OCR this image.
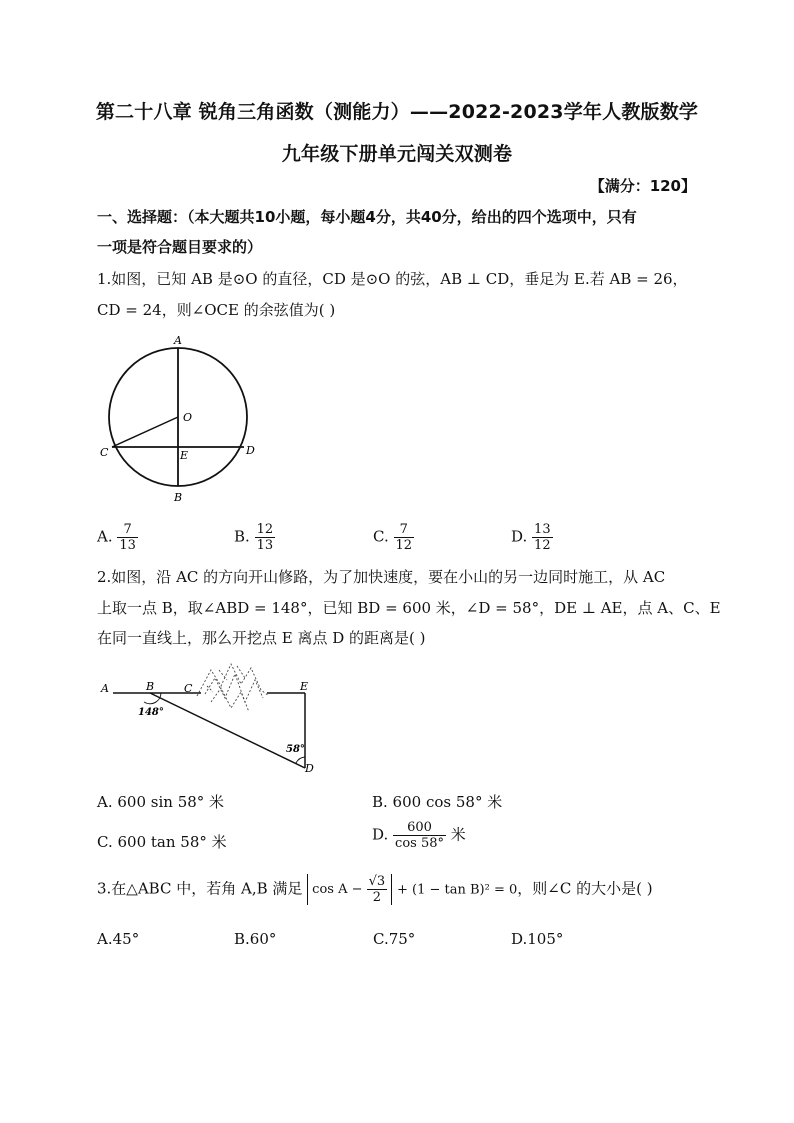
第二十八章 锐角三角函数（测能力）——2022-2023学年人教版数学
九年级下册单元闯关双测卷
【满分：120】
一、选择题：（本大题共10小题，每小题4分，共40分，给出的四个选项中，只有
一项是符合题目要求的）
1.如图，已知 AB 是⊙O 的直径，CD 是⊙O 的弦，AB ⊥ CD，垂足为 E.若 AB = 26，
CD = 24，则∠OCE 的余弦值为( )
A
O
C	E	D
B
A. $\frac{7}{13}$	B. $\frac{12}{13}$	C. $\frac{7}{12}$	D. $\frac{13}{12}$
2.如图，沿 AC 的方向开山修路，为了加快速度，要在小山的另一边同时施工，从 AC
上取一点 B，取∠ABD = 148°，已知 BD = 600 米，∠D = 58°，DE ⊥ AE，点 A、C、E
在同一直线上，那么开挖点 E 离点 D 的距离是( )
A	B	C	E
D
148°
58°
A. 600 sin 58° 米	B. 600 cos 58° 米
C. 600 tan 58° 米	D. $\frac{600}{\cos 58^\circ}$ 米
3.在△ABC 中，若角 A,B 满足 $\cos A - \frac{√3}{2} + (1 - \tan B)^2 = 0$，则∠C 的大小是( )
A.45°	B.60°	C.75°	D.105°
